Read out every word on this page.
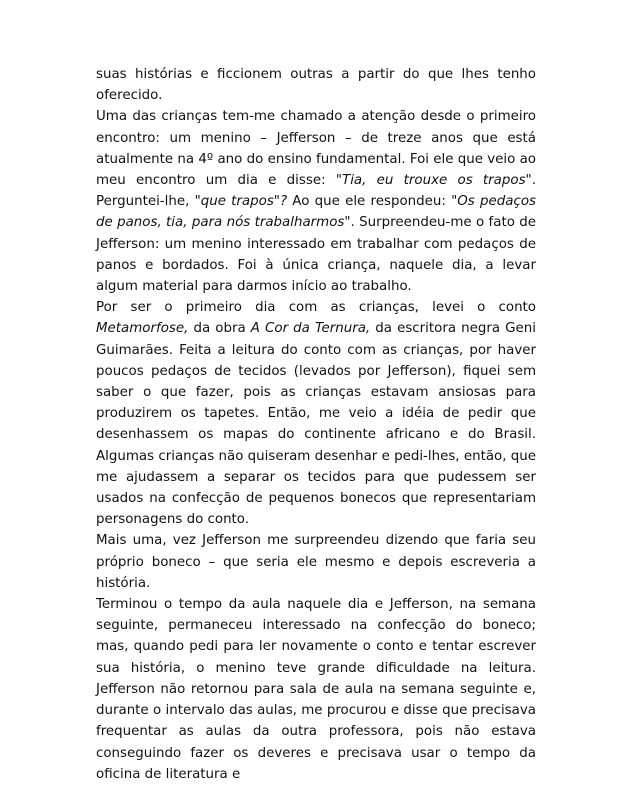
suas histórias e ficcionem outras a partir do que lhes tenho oferecido.

Uma das crianças tem-me chamado a atenção desde o primeiro encontro: um menino – Jefferson – de treze anos que está atualmente na 4º ano do ensino fundamental. Foi ele que veio ao meu encontro um dia e disse: "Tia, eu trouxe os trapos". Perguntei-lhe, "que trapos"? Ao que ele respondeu: "Os pedaços de panos, tia, para nós trabalharmos". Surpreendeu-me o fato de Jefferson: um menino interessado em trabalhar com pedaços de panos e bordados. Foi à única criança, naquele dia, a levar algum material para darmos início ao trabalho.

Por ser o primeiro dia com as crianças, levei o conto Metamorfose, da obra A Cor da Ternura, da escritora negra Geni Guimarães. Feita a leitura do conto com as crianças, por haver poucos pedaços de tecidos (levados por Jefferson), fiquei sem saber o que fazer, pois as crianças estavam ansiosas para produzirem os tapetes. Então, me veio a idéia de pedir que desenhassem os mapas do continente africano e do Brasil. Algumas crianças não quiseram desenhar e pedi-lhes, então, que me ajudassem a separar os tecidos para que pudessem ser usados na confecção de pequenos bonecos que representariam personagens do conto.

Mais uma, vez Jefferson me surpreendeu dizendo que faria seu próprio boneco – que seria ele mesmo e depois escreveria a história.

Terminou o tempo da aula naquele dia e Jefferson, na semana seguinte, permaneceu interessado na confecção do boneco; mas, quando pedi para ler novamente o conto e tentar escrever sua história, o menino teve grande dificuldade na leitura. Jefferson não retornou para sala de aula na semana seguinte e, durante o intervalo das aulas, me procurou e disse que precisava frequentar as aulas da outra professora, pois não estava conseguindo fazer os deveres e precisava usar o tempo da oficina de literatura e
